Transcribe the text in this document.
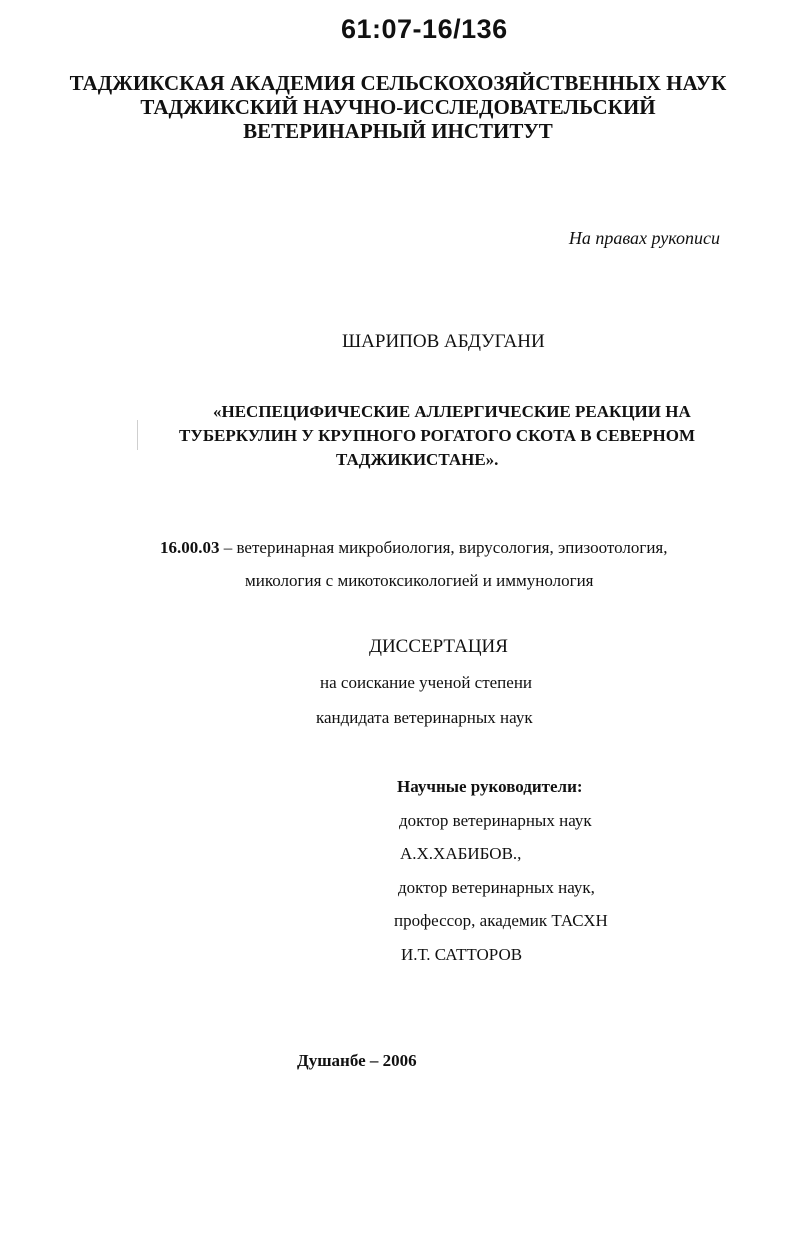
61:07-16/136
ТАДЖИКСКАЯ АКАДЕМИЯ СЕЛЬСКОХОЗЯЙСТВЕННЫХ НАУК
ТАДЖИКСКИЙ НАУЧНО-ИССЛЕДОВАТЕЛЬСКИЙ
ВЕТЕРИНАРНЫЙ ИНСТИТУТ
На правах рукописи
ШАРИПОВ АБДУГАНИ
«НЕСПЕЦИФИЧЕСКИЕ АЛЛЕРГИЧЕСКИЕ РЕАКЦИИ НА
ТУБЕРКУЛИН У КРУПНОГО РОГАТОГО СКОТА В СЕВЕРНОМ
ТАДЖИКИСТАНЕ».
16.00.03 – ветеринарная микробиология, вирусология, эпизоотология,
микология с микотоксикологией и иммунология
ДИССЕРТАЦИЯ
на соискание ученой степени
кандидата ветеринарных наук
Научные руководители:
доктор ветеринарных наук
А.Х.ХАБИБОВ.,
доктор ветеринарных наук,
профессор, академик ТАСХН
И.Т. САТТОРОВ
Душанбе – 2006
